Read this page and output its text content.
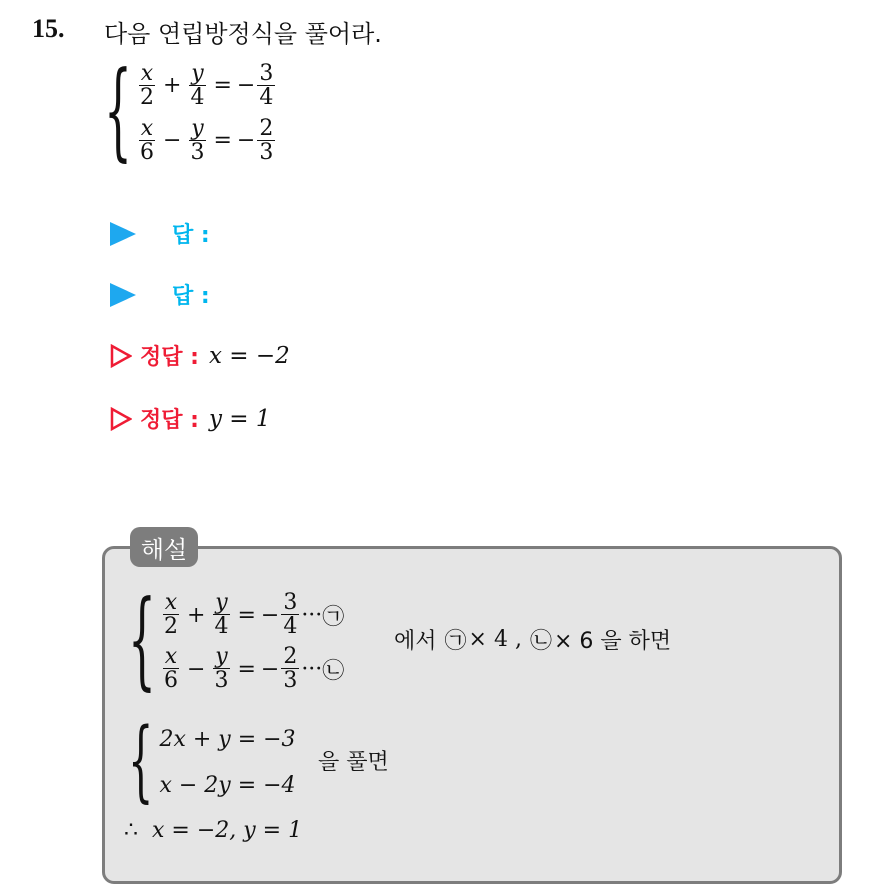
15. 다음 연립방정식을 풀어라.
{ $\frac{x}{2} + \frac{y}{4}$ = − $\frac{3}{4}$
$\frac{x}{6} - \frac{y}{3}$ = − $\frac{2}{3}$
답 :
답 :
정답 : x = −2
정답 : y = 1
해설
{ $\frac{x}{2} + \frac{y}{4}$ = − $\frac{3}{4}$ ··· ㉠
$\frac{x}{6} - \frac{y}{3}$ = − $\frac{2}{3}$ ··· ㉡
에서 ㉠ × 4 , ㉡ × 6 을 하면
{ 2x + y = −3
x − 2y = −4
을 풀면
∴ x = −2, y = 1
